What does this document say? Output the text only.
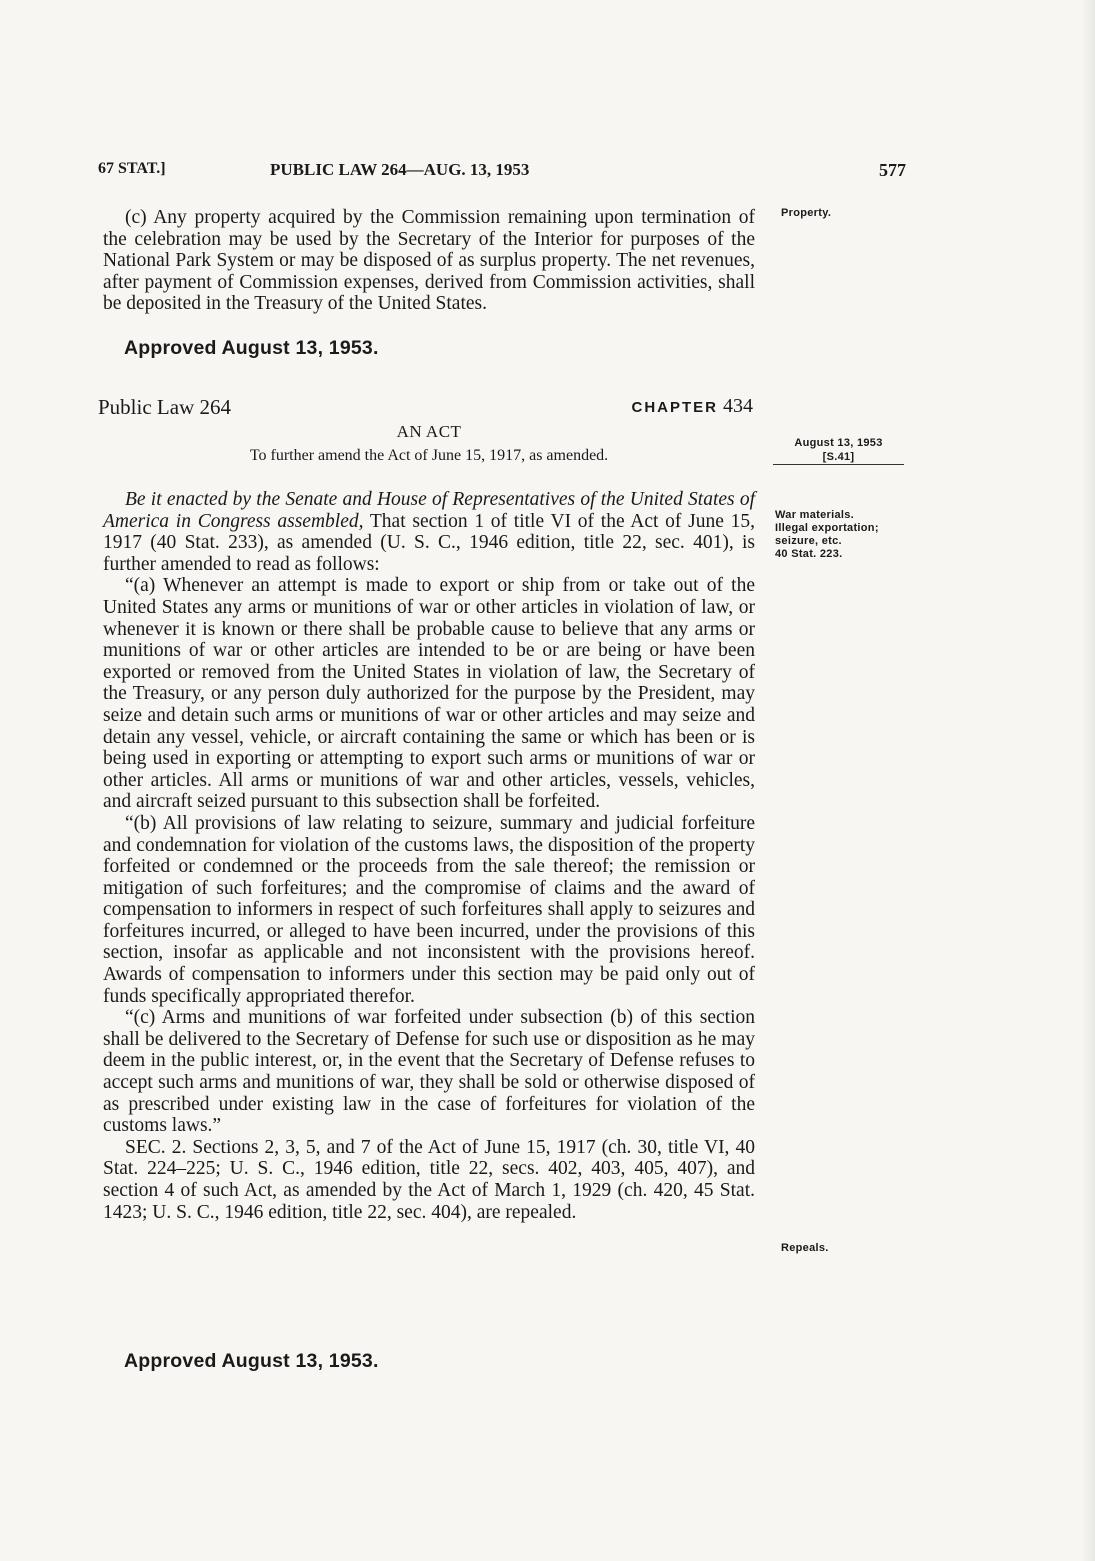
67 STAT.]	PUBLIC LAW 264—AUG. 13, 1953	577

(c) Any property acquired by the Commission remaining upon termination of the celebration may be used by the Secretary of the Interior for purposes of the National Park System or may be disposed of as surplus property. The net revenues, after payment of Commission expenses, derived from Commission activities, shall be deposited in the Treasury of the United States.

Approved August 13, 1953.
Public Law 264	CHAPTER 434
AN ACT
To further amend the Act of June 15, 1917, as amended.

Be it enacted by the Senate and House of Representatives of the United States of America in Congress assembled, That section 1 of title VI of the Act of June 15, 1917 (40 Stat. 233), as amended (U. S. C., 1946 edition, title 22, sec. 401), is further amended to read as follows:

“(a) Whenever an attempt is made to export or ship from or take out of the United States any arms or munitions of war or other articles in violation of law, or whenever it is known or there shall be probable cause to believe that any arms or munitions of war or other articles are intended to be or are being or have been exported or removed from the United States in violation of law, the Secretary of the Treasury, or any person duly authorized for the purpose by the President, may seize and detain such arms or munitions of war or other articles and may seize and detain any vessel, vehicle, or aircraft containing the same or which has been or is being used in exporting or attempting to export such arms or munitions of war or other articles. All arms or munitions of war and other articles, vessels, vehicles, and aircraft seized pursuant to this subsection shall be forfeited.

“(b) All provisions of law relating to seizure, summary and judicial forfeiture and condemnation for violation of the customs laws, the disposition of the property forfeited or condemned or the proceeds from the sale thereof; the remission or mitigation of such forfeitures; and the compromise of claims and the award of compensation to informers in respect of such forfeitures shall apply to seizures and forfeitures incurred, or alleged to have been incurred, under the provisions of this section, insofar as applicable and not inconsistent with the provisions hereof. Awards of compensation to informers under this section may be paid only out of funds specifically appropriated therefor.

“(c) Arms and munitions of war forfeited under subsection (b) of this section shall be delivered to the Secretary of Defense for such use or disposition as he may deem in the public interest, or, in the event that the Secretary of Defense refuses to accept such arms and munitions of war, they shall be sold or otherwise disposed of as prescribed under existing law in the case of forfeitures for violation of the customs laws.”

SEC. 2. Sections 2, 3, 5, and 7 of the Act of June 15, 1917 (ch. 30, title VI, 40 Stat. 224–225; U. S. C., 1946 edition, title 22, secs. 402, 403, 405, 407), and section 4 of such Act, as amended by the Act of March 1, 1929 (ch. 420, 45 Stat. 1423; U. S. C., 1946 edition, title 22, sec. 404), are repealed.

Approved August 13, 1953.
Property.
August 13, 1953
[S.41]
War materials.
Illegal exportation; seizure, etc.
40 Stat. 223.
Repeals.
